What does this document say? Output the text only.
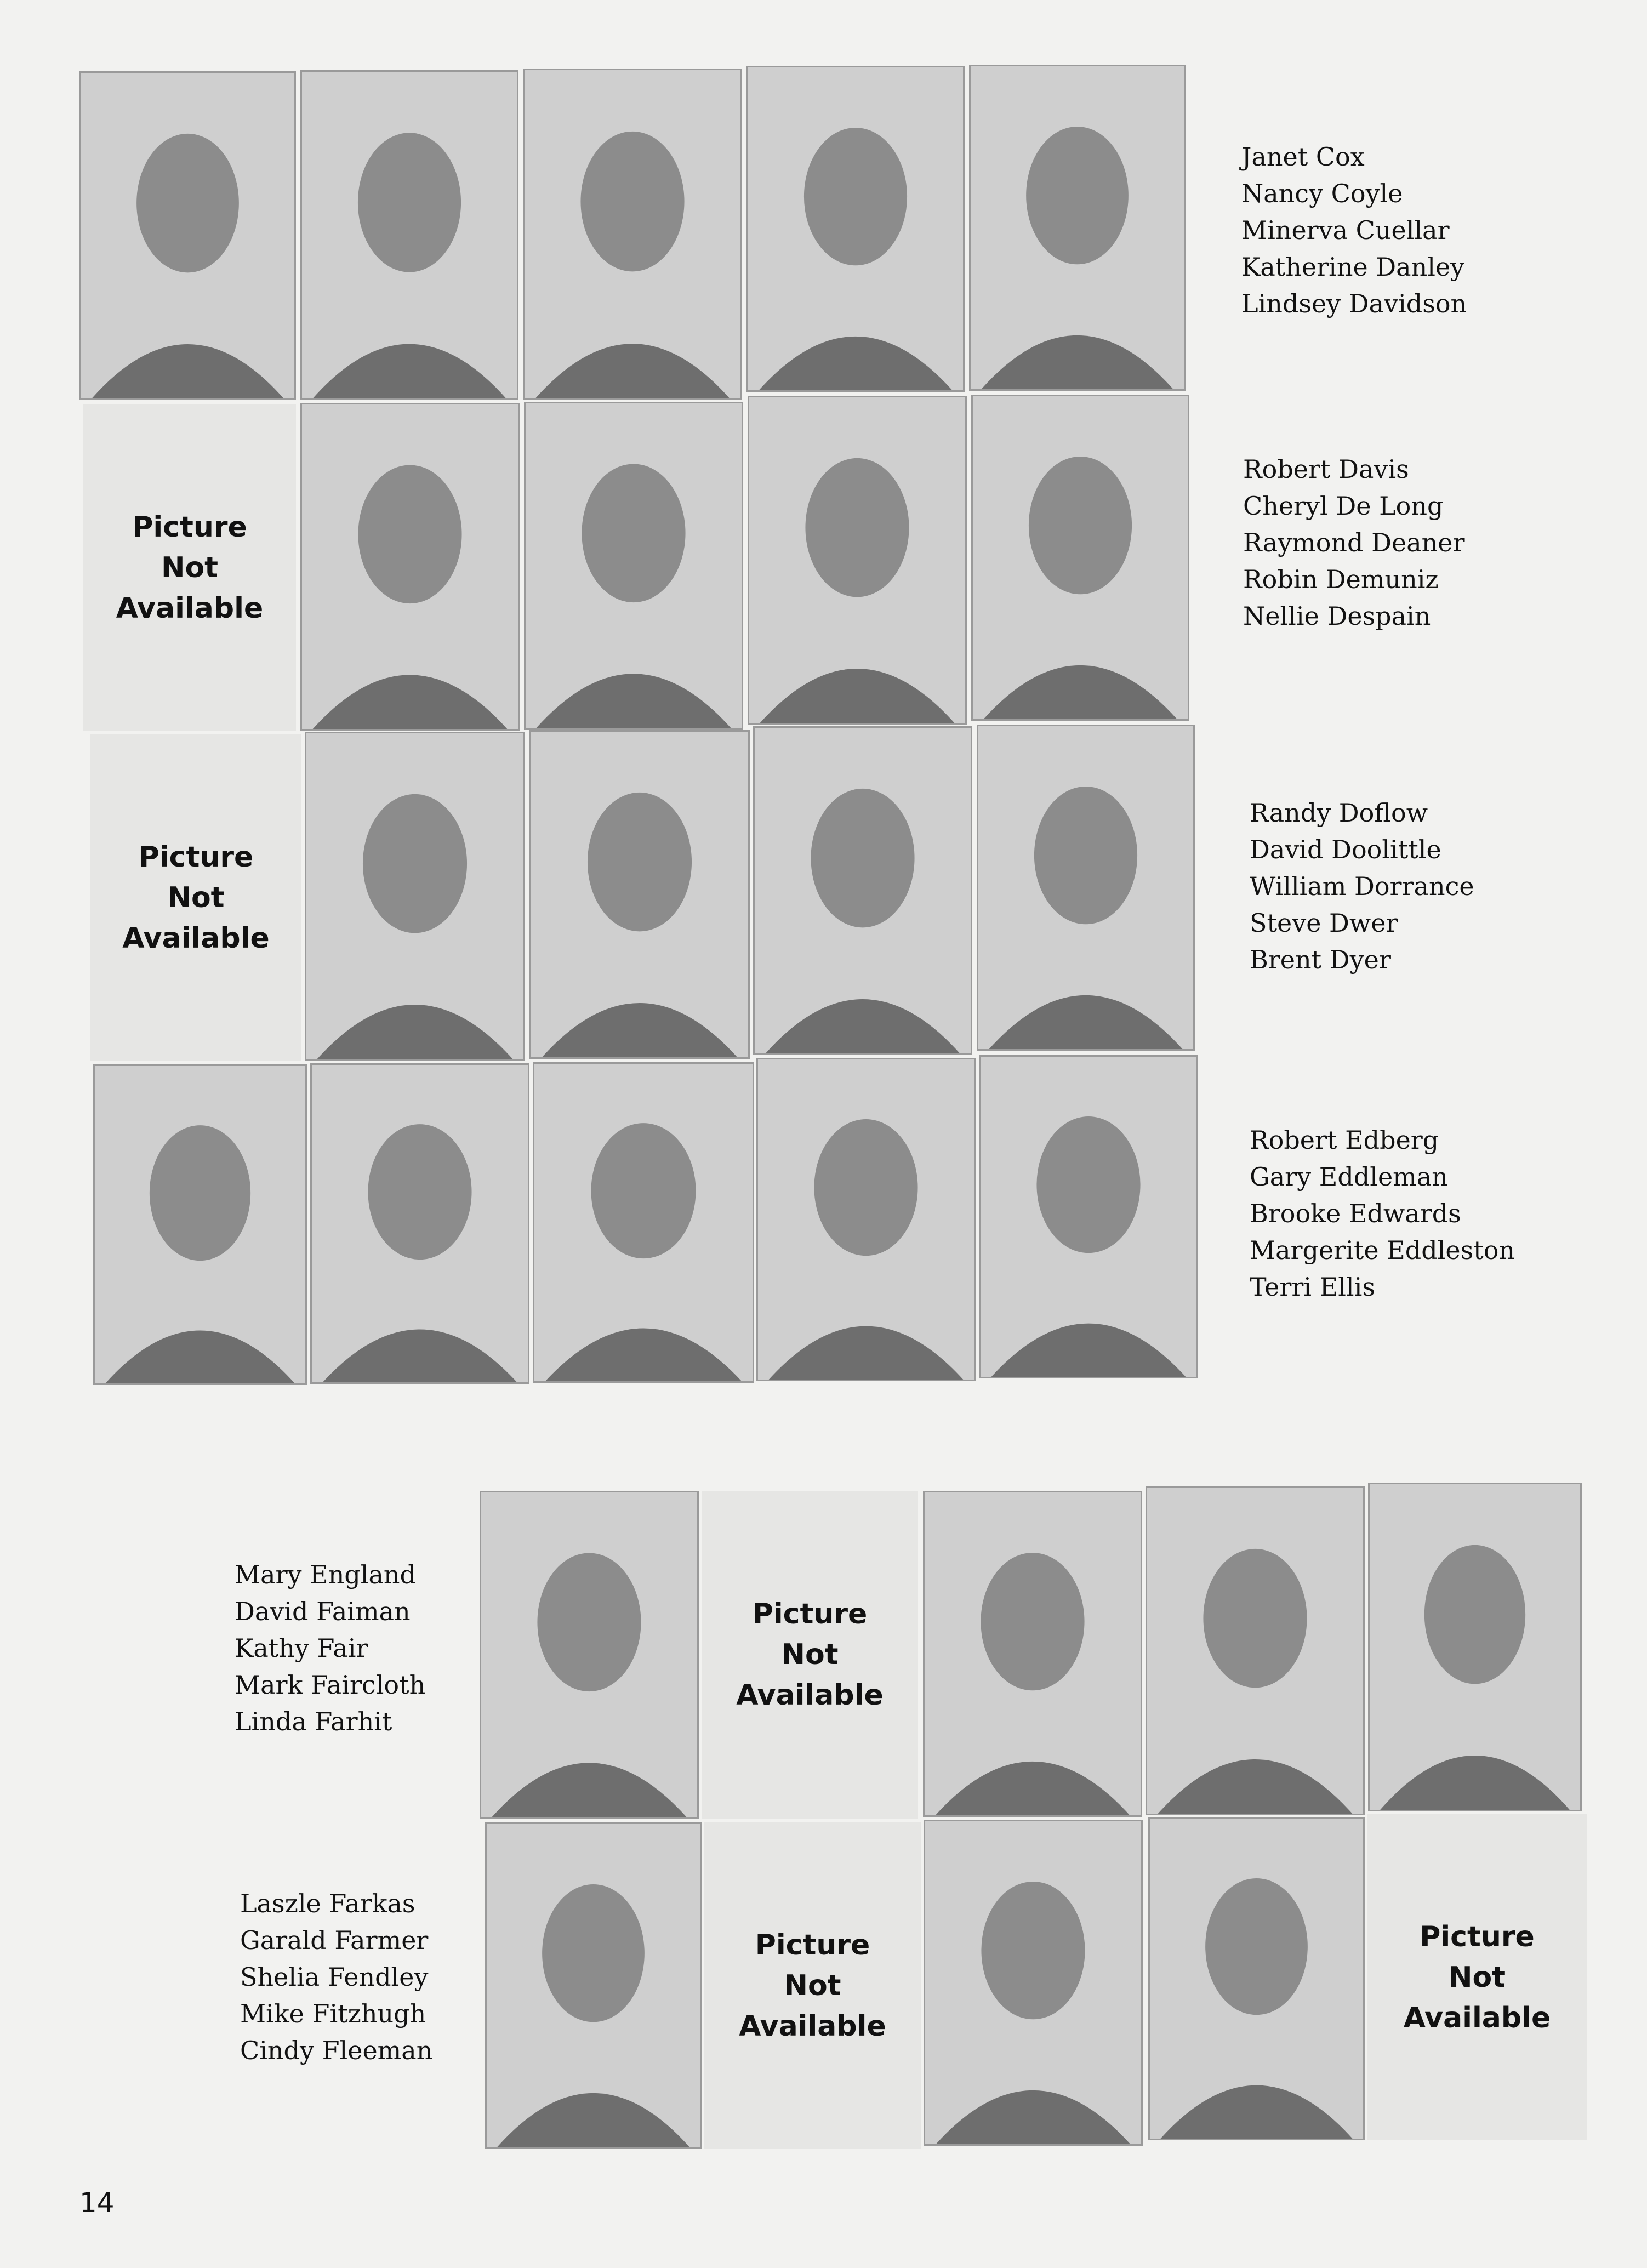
Janet Cox
Nancy Coyle
Minerva Cuellar
Katherine Danley
Lindsey Davidson
Picture
Not
Available
Robert Davis
Cheryl De Long
Raymond Deaner
Robin Demuniz
Nellie Despain
Picture
Not
Available
Randy Doflow
David Doolittle
William Dorrance
Steve Dwer
Brent Dyer
Robert Edberg
Gary Eddleman
Brooke Edwards
Margerite Eddleston
Terri Ellis
Mary England
David Faiman
Kathy Fair
Mark Faircloth
Linda Farhit
Picture
Not
Available
Laszle Farkas
Garald Farmer
Shelia Fendley
Mike Fitzhugh
Cindy Fleeman
Picture
Not
Available
Picture
Not
Available
14
